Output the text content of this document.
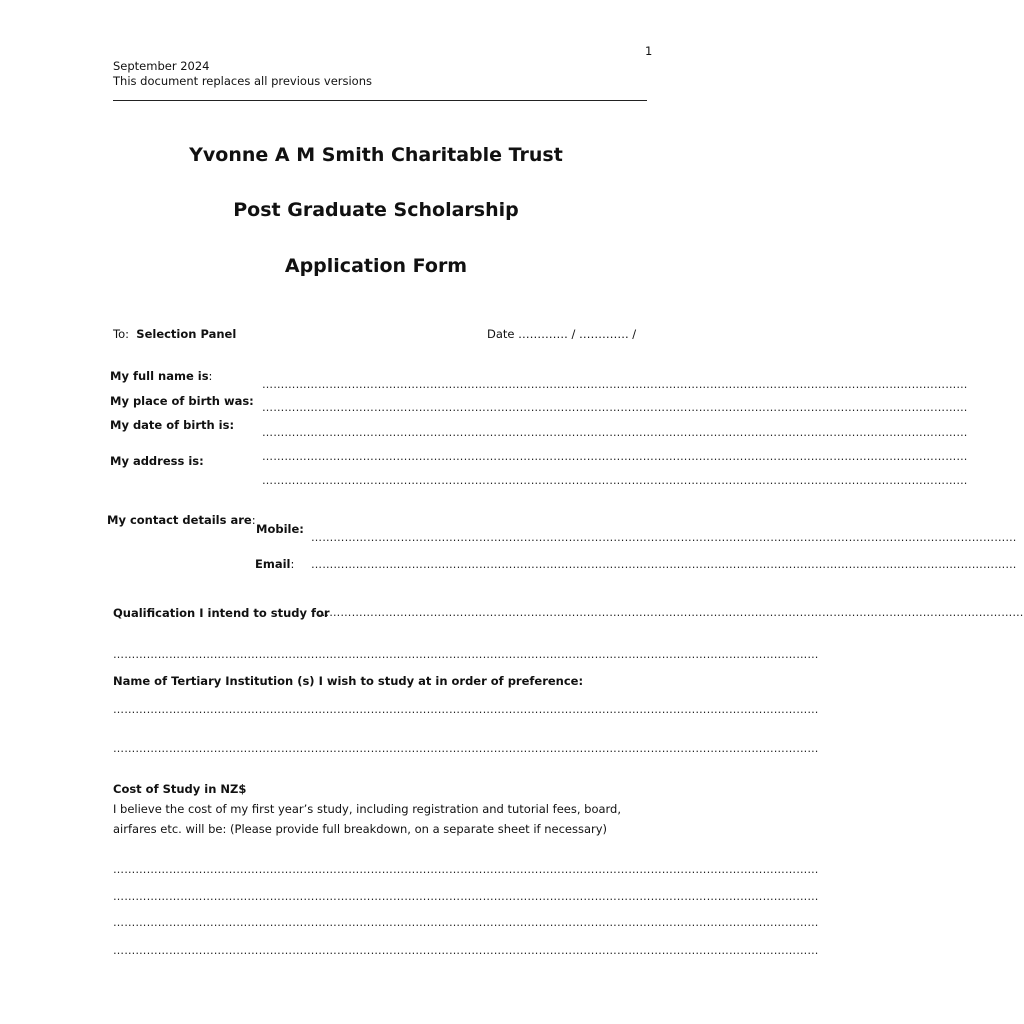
1
September 2024
This document replaces all previous versions
Yvonne A M Smith Charitable Trust
Post Graduate Scholarship
Application Form
To: Selection Panel	Date …………. / …………. /
My full name is:
………………………………………………………………………………………………………………………………………………………………………
My place of birth was: ………………………………………………………………………………………………………………………………………………………………………
My date of birth is:
………………………………………………………………………………………………………………………………………………………………………
My address is:	………………………………………………………………………………………………………………………………………………………………………
………………………………………………………………………………………………………………………………………………………………………
My contact details are:
Mobile:
………………………………………………………………………………………………………………………………………………………………………
Email: ………………………………………………………………………………………………………………………………………………………………………
Qualification I intend to study for
………………………………………………………………………………………………………………………………………………………………………
………………………………………………………………………………………………………………………………………………………………………
Name of Tertiary Institution (s) I wish to study at in order of preference:
………………………………………………………………………………………………………………………………………………………………………
………………………………………………………………………………………………………………………………………………………………………
Cost of Study in NZ$
I believe the cost of my first year’s study, including registration and tutorial fees, board,
airfares etc. will be: (Please provide full breakdown, on a separate sheet if necessary)
………………………………………………………………………………………………………………………………………………………………………
………………………………………………………………………………………………………………………………………………………………………
………………………………………………………………………………………………………………………………………………………………………
………………………………………………………………………………………………………………………………………………………………………
